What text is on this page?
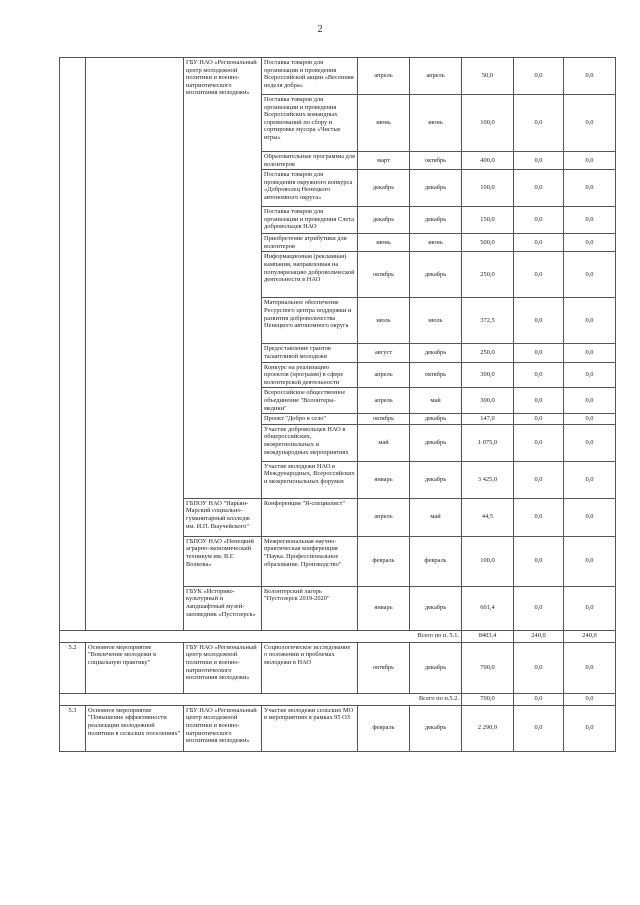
2
		ГБУ НАО «Региональный центр молодежной политики и военно-патриотического воспитания молодежи»	Поставка товаров для организации и проведения Всероссийской акции «Весенняя неделя добра»	апрель	апрель	50,0	0,0	0,0
			Поставка товаров для организации и проведения Всероссийских командных соревнований по сбору и сортировке мусора «Чистые игры»	июнь	июнь	100,0	0,0	0,0
			Образовательные программы для волонтеров	март	октябрь	400,0	0,0	0,0
			Поставка товаров для проведения окружного конкурса «Доброволец Ненецкого автономного округа»	декабрь	декабрь	100,0	0,0	0,0
			Поставка товаров для организации и проведения Слета добровольцев НАО	декабрь	декабрь	150,0	0,0	0,0
			Приобретение атрибутики для волонтеров	июнь	июнь	500,0	0,0	0,0
			Информационная (рекламная) кампания, направленная на популяризацию добровольческой деятельности в НАО	октябрь	декабрь	250,0	0,0	0,0
			Материальное обеспечение Ресурсного центра поддержки и развития добровольчества Ненецкого автономного округа	июль	июль	372,5	0,0	0,0
			Предоставление грантов талантливой молодежи	август	декабрь	250,0	0,0	0,0
			Конкурс на реализацию проектов (программ) в сфере волонтерской деятельности	апрель	октябрь	300,0	0,0	0,0
			Всероссийское общественное объединение "Волонтеры-медики"	апрель	май	300,0	0,0	0,0
			Проект "Добро в село"	октябрь	декабрь	147,0	0,0	0,0
			Участие добровольцев НАО в общероссийских, межрегиональных и международных мероприятиях	май	декабрь	1 075,0	0,0	0,0
			Участие молодежи НАО в Международных, Всероссийских и межрегиональных форумах	январь	декабрь	3 425,0	0,0	0,0
		ГБПОУ НАО "Нарьян-Марский социально-гуманитарный колледж им. И.П. Выучейского"	Конференция "Я-специалист"	апрель	май	44,5	0,0	0,0
		ГБПОУ НАО «Ненецкий аграрно-экономический техникум им. В.Г. Волкова»	Межрегиональная научно-практическая конференция "Наука. Профессиональное образование. Производство"	февраль	февраль	100,0	0,0	0,0
		ГБУК «Историко-культурный и ландшафтный музей-заповедник «Пустозерск»	Волонтерский лагерь "Пустозерск 2019-2020"	январь	декабрь	601,4	0,0	0,0
Всего по п. 5.1.						8403,4	240,0	240,0
5.2	Основное мероприятие "Вовлечение молодежи в социальную практику"	ГБУ НАО «Региональный центр молодежной политики и военно-патриотического воспитания молодежи»	Социологическое исследование о положении и проблемах молодежи в НАО	октябрь	декабрь	700,0	0,0	0,0
Всего по п.5.2.						700,0	0,0	0,0
5.3	Основное мероприятие "Повышение эффективности реализации молодежной политики в сельских поселениях"	ГБУ НАО «Региональный центр молодежной политики и военно-патриотического воспитания молодежи»	Участие молодежи сельских МО в мероприятиях в рамках 95 ОЗ	февраль	декабрь	2 290,9	0,0	0,0
